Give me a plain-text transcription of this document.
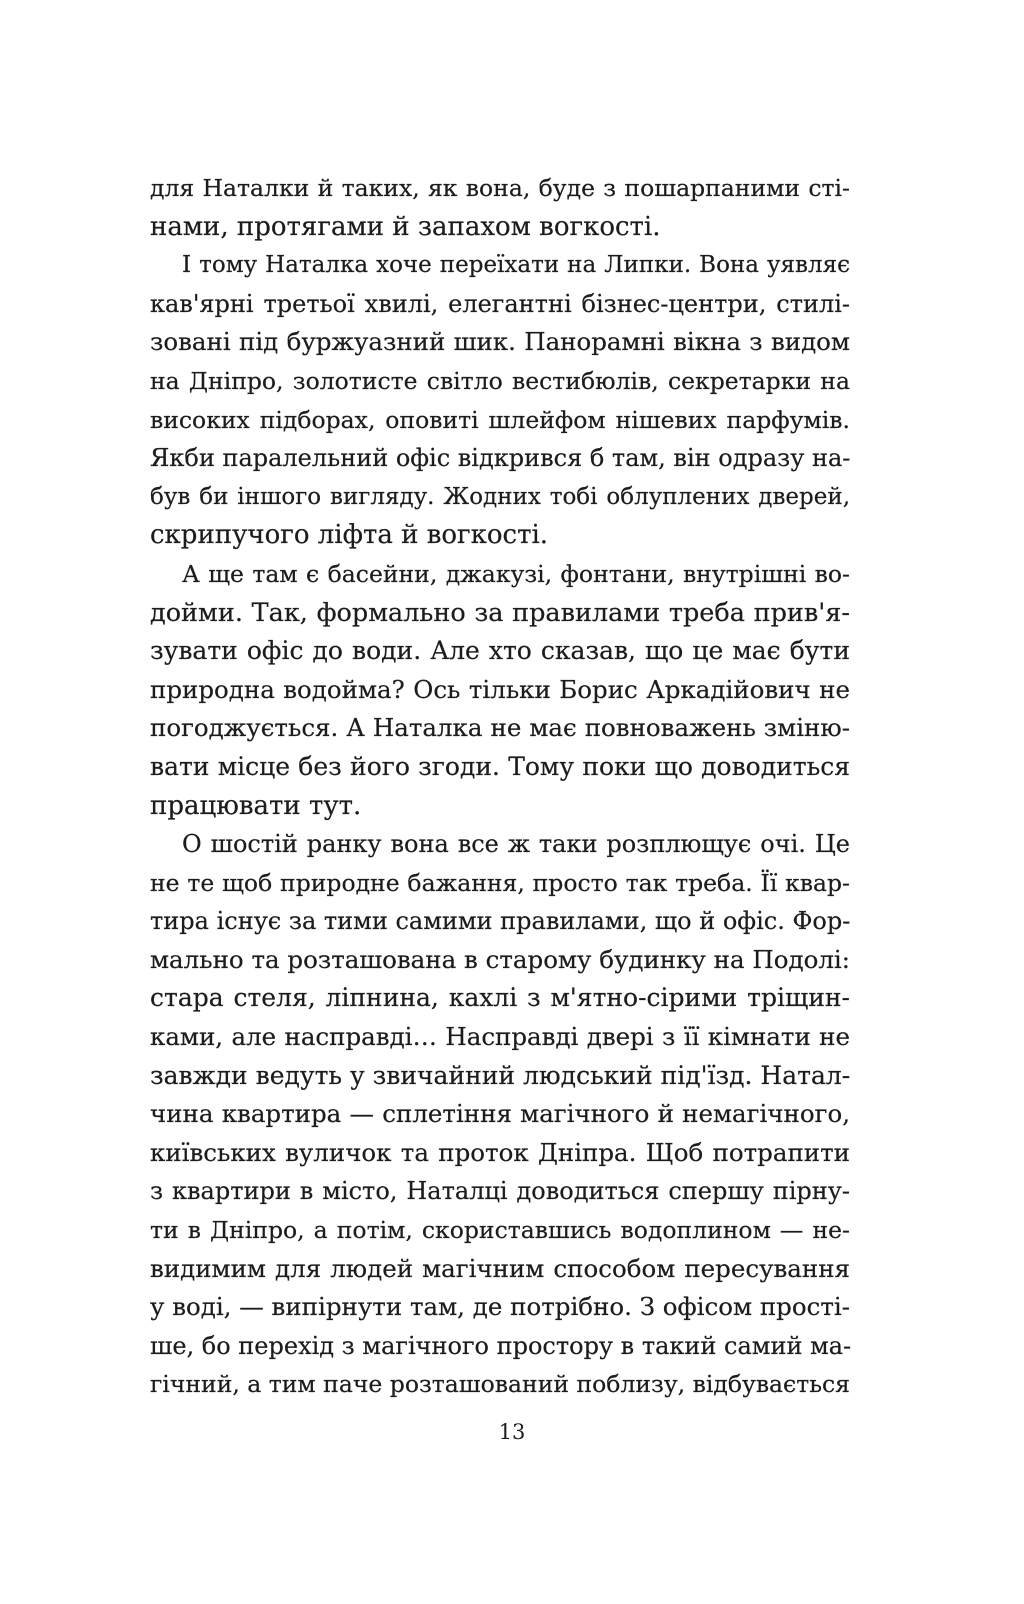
для Наталки й таких, як вона, буде з пошарпаними сті-
нами, протягами й запахом вогкості.
І тому Наталка хоче переїхати на Липки. Вона уявляє
кав'ярні третьої хвилі, елегантні бізнес-центри, стилі-
зовані під буржуазний шик. Панорамні вікна з видом
на Дніпро, золотисте світло вестибюлів, секретарки на
високих підборах, оповиті шлейфом нішевих парфумів.
Якби паралельний офіс відкрився б там, він одразу на-
був би іншого вигляду. Жодних тобі облуплених дверей,
скрипучого ліфта й вогкості.
А ще там є басейни, джакузі, фонтани, внутрішні во-
дойми. Так, формально за правилами треба прив'я-
зувати офіс до води. Але хто сказав, що це має бути
природна водойма? Ось тільки Борис Аркадійович не
погоджується. А Наталка не має повноважень зміню-
вати місце без його згоди. Тому поки що доводиться
працювати тут.
О шостій ранку вона все ж таки розплющує очі. Це
не те щоб природне бажання, просто так треба. Її квар-
тира існує за тими самими правилами, що й офіс. Фор-
мально та розташована в старому будинку на Подолі:
стара стеля, ліпнина, кахлі з м'ятно-сірими тріщин-
ками, але насправді… Насправді двері з її кімнати не
завжди ведуть у звичайний людський під'їзд. Натал-
чина квартира — сплетіння магічного й немагічного,
київських вуличок та проток Дніпра. Щоб потрапити
з квартири в місто, Наталці доводиться спершу пірну-
ти в Дніпро, а потім, скориставшись водоплином — не-
видимим для людей магічним способом пересування
у воді, — випірнути там, де потрібно. З офісом прості-
ше, бо перехід з магічного простору в такий самий ма-
гічний, а тим паче розташований поблизу, відбувається
13
